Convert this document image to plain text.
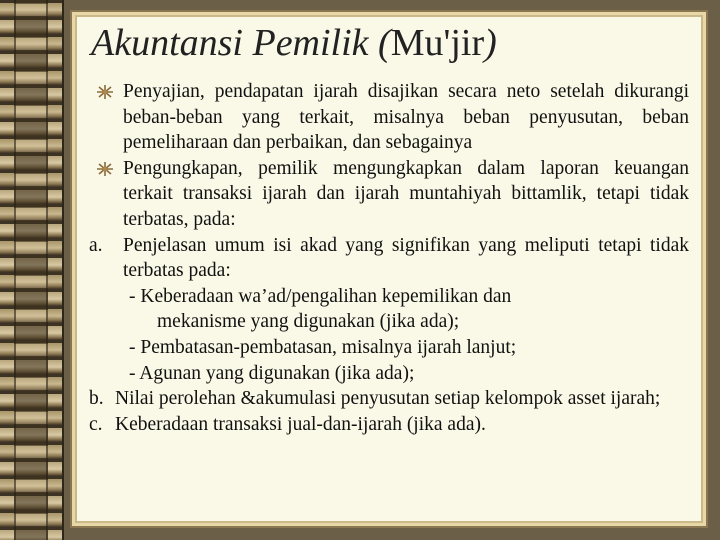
Akuntansi Pemilik (Mu'jir)
Penyajian, pendapatan ijarah disajikan secara neto setelah dikurangi beban-beban yang terkait, misalnya beban penyusutan, beban pemeliharaan dan perbaikan, dan sebagainya
Pengungkapan, pemilik mengungkapkan dalam laporan keuangan terkait transaksi ijarah dan ijarah muntahiyah bittamlik, tetapi tidak terbatas, pada:
a. Penjelasan umum isi akad yang signifikan yang meliputi tetapi tidak terbatas pada:
- Keberadaan wa’ad/pengalihan kepemilikan dan
mekanisme yang digunakan (jika ada);
- Pembatasan-pembatasan, misalnya ijarah lanjut;
- Agunan yang digunakan (jika ada);
b. Nilai perolehan &akumulasi penyusutan setiap kelompok asset ijarah;
c. Keberadaan transaksi jual-dan-ijarah (jika ada).
